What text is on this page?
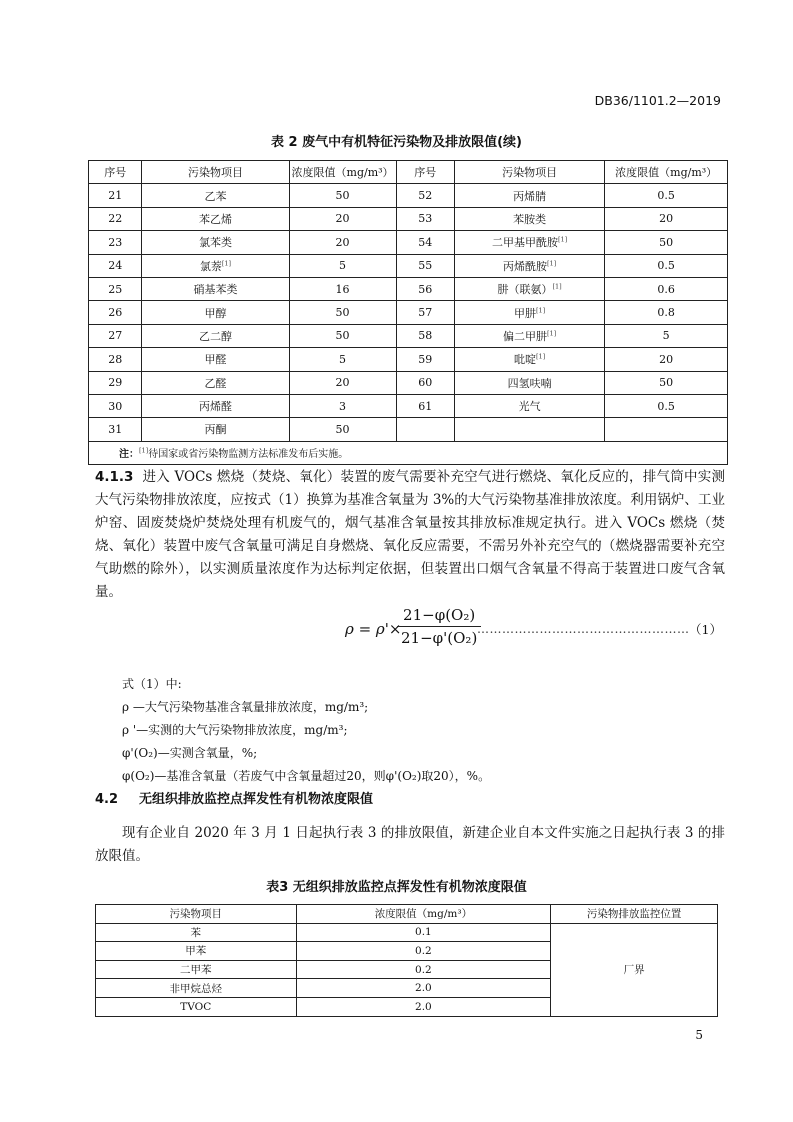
DB36/1101.2—2019
表 2 废气中有机特征污染物及排放限值(续)
序号	污染物项目	浓度限值（mg/m³）	序号	污染物项目	浓度限值（mg/m³）
21	乙苯	50	52	丙烯腈	0.5
22	苯乙烯	20	53	苯胺类	20
23	氯苯类	20	54	二甲基甲酰胺[1]	50
24	氯萘[1]	5	55	丙烯酰胺[1]	0.5
25	硝基苯类	16	56	肼（联氨）[1]	0.6
26	甲醇	50	57	甲肼[1]	0.8
27	乙二醇	50	58	偏二甲肼[1]	5
28	甲醛	5	59	吡啶[1]	20
29	乙醛	20	60	四氢呋喃	50
30	丙烯醛	3	61	光气	0.5
31	丙酮	50			
注：[1]待国家或省污染物监测方法标准发布后实施。					

4.1.3 进入 VOCs 燃烧（焚烧、氧化）装置的废气需要补充空气进行燃烧、氧化反应的，排气筒中实测大气污染物排放浓度，应按式（1）换算为基准含氧量为 3%的大气污染物基准排放浓度。利用锅炉、工业炉窑、固废焚烧炉焚烧处理有机废气的，烟气基准含氧量按其排放标准规定执行。进入 VOCs 燃烧（焚烧、氧化）装置中废气含氧量可满足自身燃烧、氧化反应需要，不需另外补充空气的（燃烧器需要补充空气助燃的除外），以实测质量浓度作为达标判定依据，但装置出口烟气含氧量不得高于装置进口废气含氧量。

ρ = ρ'×
$\frac{\text{21−φ(O₂)}}{\text{21−φ'(O₂)}}$
…………………………………………… （1）
式（1）中:
ρ —大气污染物基准含氧量排放浓度，mg/m³;
ρ '—实测的大气污染物排放浓度，mg/m³;
φ'(O₂)—实测含氧量，%;
φ(O₂)—基准含氧量（若废气中含氧量超过20，则φ'(O₂)取20），%。
4.2 无组织排放监控点挥发性有机物浓度限值

现有企业自 2020 年 3 月 1 日起执行表 3 的排放限值，新建企业自本文件实施之日起执行表 3 的排放限值。

表3 无组织排放监控点挥发性有机物浓度限值
污染物项目	浓度限值（mg/m³）	污染物排放监控位置
苯	0.1	厂界
甲苯	0.2	
二甲苯	0.2	
非甲烷总烃	2.0	
TVOC	2.0	
5
